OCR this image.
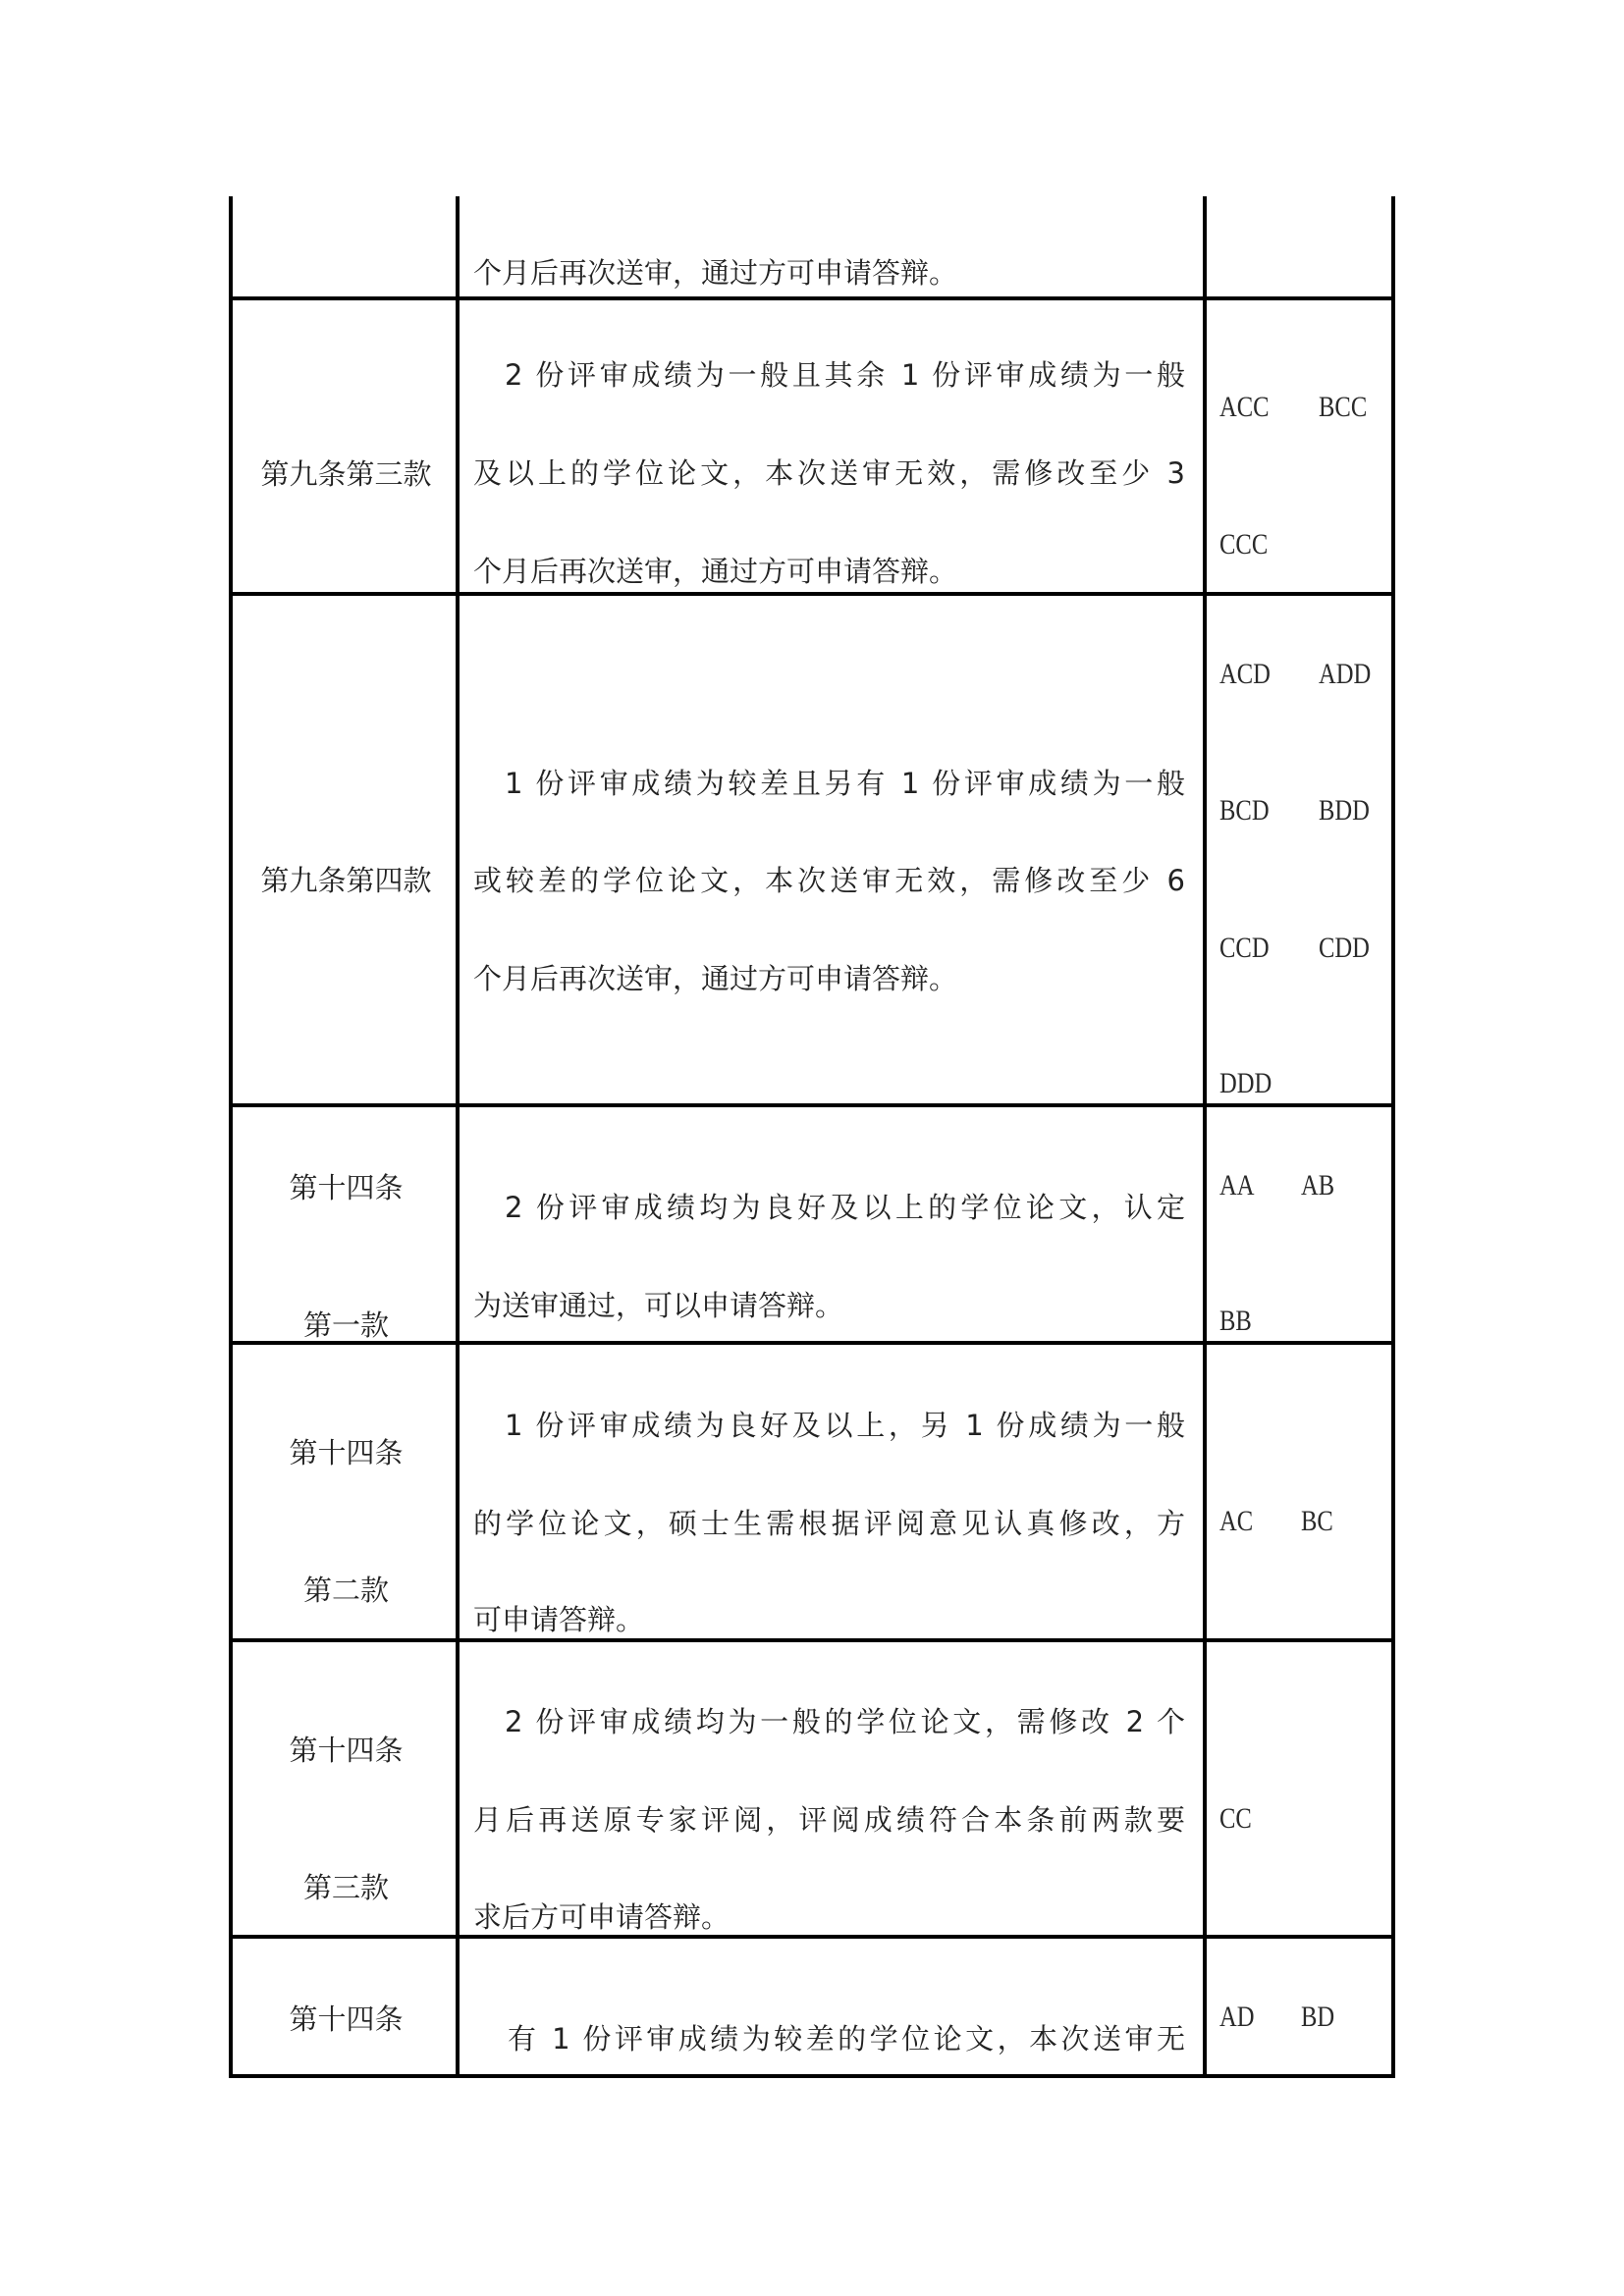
个月后再次送审，通过方可申请答辩。
第九条第三款
2 份评审成绩为一般且其余 1 份评审成绩为一般
及以上的学位论文，本次送审无效，需修改至少 3
个月后再次送审，通过方可申请答辩。
ACC BCC
CCC
第九条第四款
1 份评审成绩为较差且另有 1 份评审成绩为一般
或较差的学位论文，本次送审无效，需修改至少 6
个月后再次送审，通过方可申请答辩。
ACD ADD
BCD BDD
CCD CDD
DDD
第十四条
第一款
2 份评审成绩均为良好及以上的学位论文，认定
为送审通过，可以申请答辩。
AA AB
BB
第十四条
第二款
1 份评审成绩为良好及以上，另 1 份成绩为一般
的学位论文，硕士生需根据评阅意见认真修改，方
可申请答辩。
AC BC
第十四条
第三款
2 份评审成绩均为一般的学位论文，需修改 2 个
月后再送原专家评阅，评阅成绩符合本条前两款要
求后方可申请答辩。
CC
第十四条
有 1 份评审成绩为较差的学位论文，本次送审无
AD BD
